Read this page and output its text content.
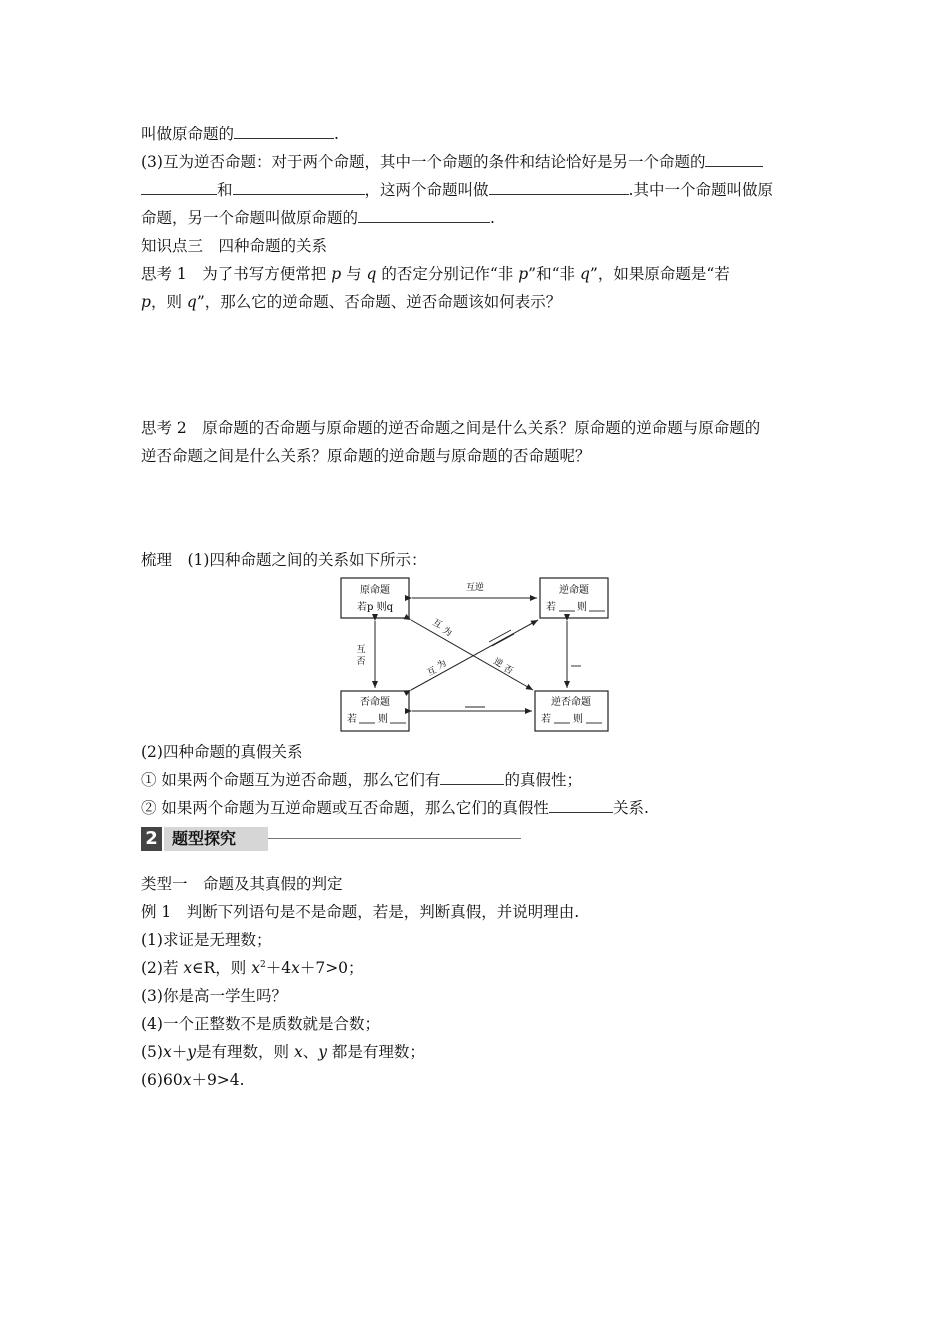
叫做原命题的	.
(3)互为逆否命题：对于两个命题，其中一个命题的条件和结论恰好是另一个命题的
和	，这两个命题叫做	.其中一个命题叫做原
命题，另一个命题叫做原命题的	.
知识点三　四种命题的关系
思考 1　为了书写方便常把 p 与 q 的否定分别记作“非 p”和“非 q”，如果原命题是“若
p，则 q”，那么它的逆命题、否命题、逆否命题该如何表示？
思考 2　原命题的否命题与原命题的逆否命题之间是什么关系？原命题的逆命题与原命题的
逆否命题之间是什么关系？原命题的逆命题与原命题的否命题呢？
梳理　(1)四种命题之间的关系如下所示：
原命题
若p 则q
逆命题
若 则
否命题
若 则
逆否命题
若 则
互逆
互
否
互
为
互
为	逆
否
(2)四种命题的真假关系
① 如果两个命题互为逆否命题，那么它们有	的真假性；
② 如果两个命题为互逆命题或互否命题，那么它们的真假性	关系.
2 题型探究
类型一　命题及其真假的判定
例 1　判断下列语句是不是命题，若是，判断真假，并说明理由.
(1)求证是无理数；
(2)若 x∈R，则 $x^2+4x+7>0$；
(3)你是高一学生吗？
(4)一个正整数不是质数就是合数；
(5)x＋y是有理数，则 x、y 都是有理数；
(6)60x＋9>4.
